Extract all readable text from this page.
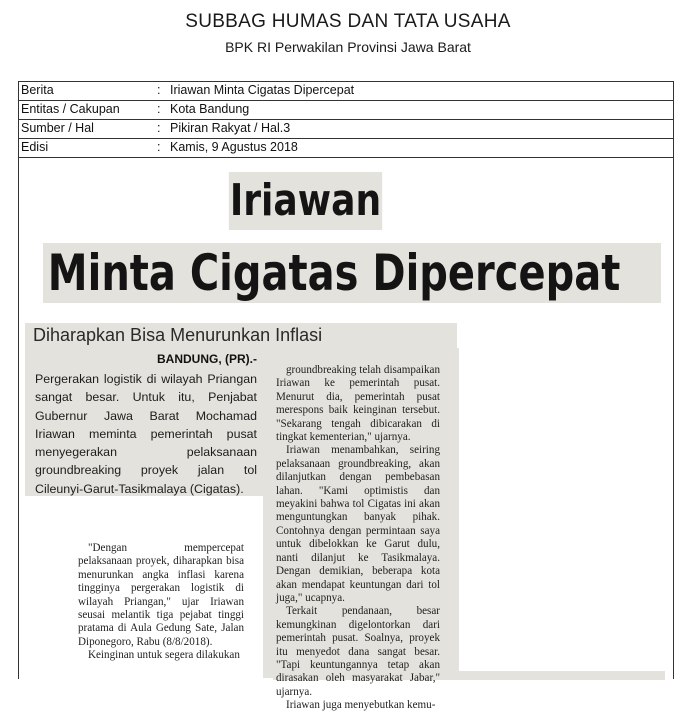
SUBBAG HUMAS DAN TATA USAHA
BPK RI Perwakilan Provinsi Jawa Barat
Berita	: Iriawan Minta Cigatas Dipercepat
Entitas / Cakupan	: Kota Bandung
Sumber / Hal	: Pikiran Rakyat / Hal.3
Edisi	: Kamis, 9 Agustus 2018
Iriawan
Minta Cigatas Dipercepat
Diharapkan Bisa Menurunkan Inflasi
BANDUNG, (PR).-
Pergerakan logistik di wilayah Priangan sangat besar. Untuk itu, Penjabat Gubernur Jawa Barat Mochamad Iriawan meminta pemerintah pusat menyegerakan pelaksanaan groundbreaking proyek jalan tol Cileunyi-Garut-Tasikmalaya (Cigatas).

"Dengan mempercepat pelaksanaan proyek, diharapkan bisa menurunkan angka inflasi karena tingginya pergerakan logistik di wilayah Priangan," ujar Iriawan seusai melantik tiga pejabat tinggi pratama di Aula Gedung Sate, Jalan Diponegoro, Rabu (8/8/2018).

Keinginan untuk segera dilakukan

groundbreaking telah disampaikan Iriawan ke pemerintah pusat. Menurut dia, pemerintah pusat merespons baik keinginan tersebut. "Sekarang tengah dibicarakan di tingkat kementerian," ujarnya.

Iriawan menambahkan, seiring pelaksanaan groundbreaking, akan dilanjutkan dengan pembebasan lahan. "Kami optimistis dan meyakini bahwa tol Cigatas ini akan menguntungkan banyak pihak. Contohnya dengan permintaan saya untuk dibelokkan ke Garut dulu, nanti dilanjut ke Tasikmalaya. Dengan demikian, beberapa kota akan mendapat keuntungan dari tol juga," ucapnya.

Terkait pendanaan, besar kemungkinan digelontorkan dari pemerintah pusat. Soalnya, proyek itu menyedot dana sangat besar. "Tapi keuntungannya tetap akan dirasakan oleh masyarakat Jabar," ujarnya.

Iriawan juga menyebutkan kemu-
